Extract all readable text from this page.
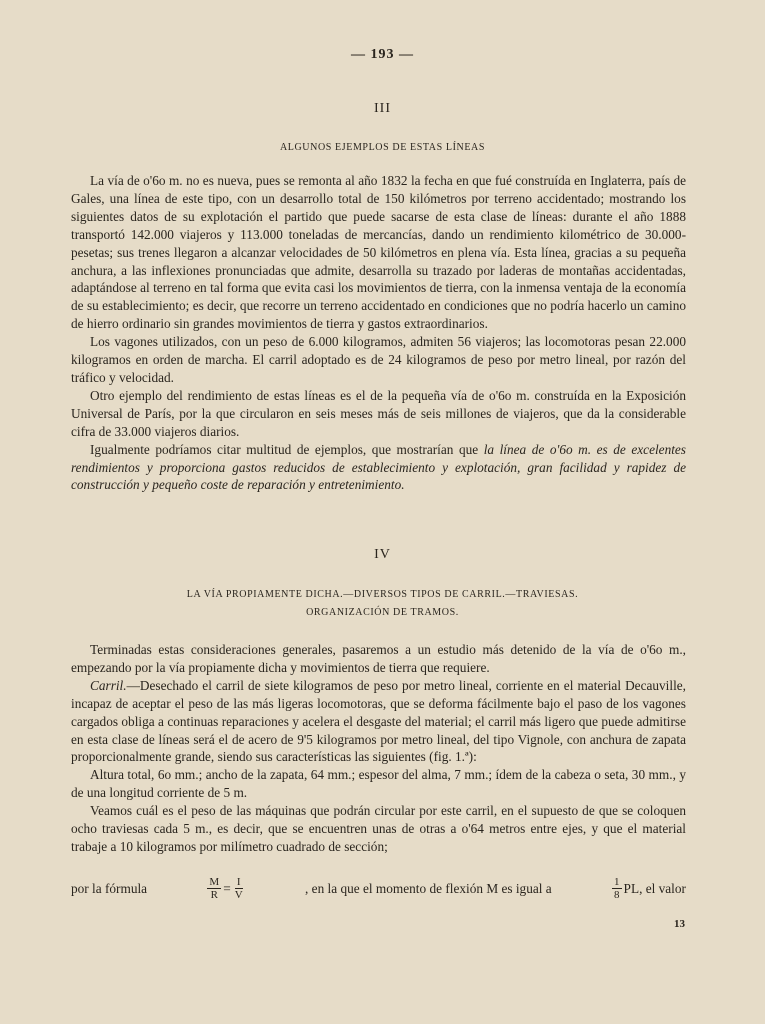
— 193 —
III
ALGUNOS EJEMPLOS DE ESTAS LÍNEAS

La vía de o'6o m. no es nueva, pues se remonta al año 1832 la fecha en que fué construída en Inglaterra, país de Gales, una línea de este tipo, con un desarrollo total de 150 kilómetros por terreno accidentado; mostrando los siguientes datos de su explotación el partido que puede sacarse de esta clase de líneas: durante el año 1888 transportó 142.000 viajeros y 113.000 toneladas de mercancías, dando un rendimiento kilométrico de 30.000-pesetas; sus trenes llegaron a alcanzar velocidades de 50 kilómetros en plena vía. Esta línea, gracias a su pequeña anchura, a las inflexiones pronunciadas que admite, desarrolla su trazado por laderas de montañas accidentadas, adaptándose al terreno en tal forma que evita casi los movimientos de tierra, con la inmensa ventaja de la economía de su establecimiento; es decir, que recorre un terreno accidentado en condiciones que no podría hacerlo un camino de hierro ordinario sin grandes movimientos de tierra y gastos extraordinarios.

Los vagones utilizados, con un peso de 6.000 kilogramos, admiten 56 viajeros; las locomotoras pesan 22.000 kilogramos en orden de marcha. El carril adoptado es de 24 kilogramos de peso por metro lineal, por razón del tráfico y velocidad.

Otro ejemplo del rendimiento de estas líneas es el de la pequeña vía de o'6o m. construída en la Exposición Universal de París, por la que circularon en seis meses más de seis millones de viajeros, que da la considerable cifra de 33.000 viajeros diarios.

Igualmente podríamos citar multitud de ejemplos, que mostrarían que la línea de o'6o m. es de excelentes rendimientos y proporciona gastos reducidos de establecimiento y explotación, gran facilidad y rapidez de construcción y pequeño coste de reparación y entretenimiento.

IV
LA VÍA PROPIAMENTE DICHA.—DIVERSOS TIPOS DE CARRIL.—TRAVIESAS.
ORGANIZACIÓN DE TRAMOS.

Terminadas estas consideraciones generales, pasaremos a un estudio más detenido de la vía de o'6o m., empezando por la vía propiamente dicha y movimientos de tierra que requiere.

Carril.—Desechado el carril de siete kilogramos de peso por metro lineal, corriente en el material Decauville, incapaz de aceptar el peso de las más ligeras locomotoras, que se deforma fácilmente bajo el paso de los vagones cargados obliga a continuas reparaciones y acelera el desgaste del material; el carril más ligero que puede admitirse en esta clase de líneas será el de acero de 9'5 kilogramos por metro lineal, del tipo Vignole, con anchura de zapata proporcionalmente grande, siendo sus características las siguientes (fig. 1.ª):

Altura total, 6o mm.; ancho de la zapata, 64 mm.; espesor del alma, 7 mm.; ídem de la cabeza o seta, 30 mm., y de una longitud corriente de 5 m.

Veamos cuál es el peso de las máquinas que podrán circular por este carril, en el supuesto de que se coloquen ocho traviesas cada 5 m., es decir, que se encuentren unas de otras a o'64 metros entre ejes, y que el material trabaje a 10 kilogramos por milímetro cuadrado de sección;

por la fórmula	$\frac{M}{R} = \frac{I}{V}$	, en la que el momento de flexión M es igual a	$\frac{1}{8}$ PL, el valor
13
